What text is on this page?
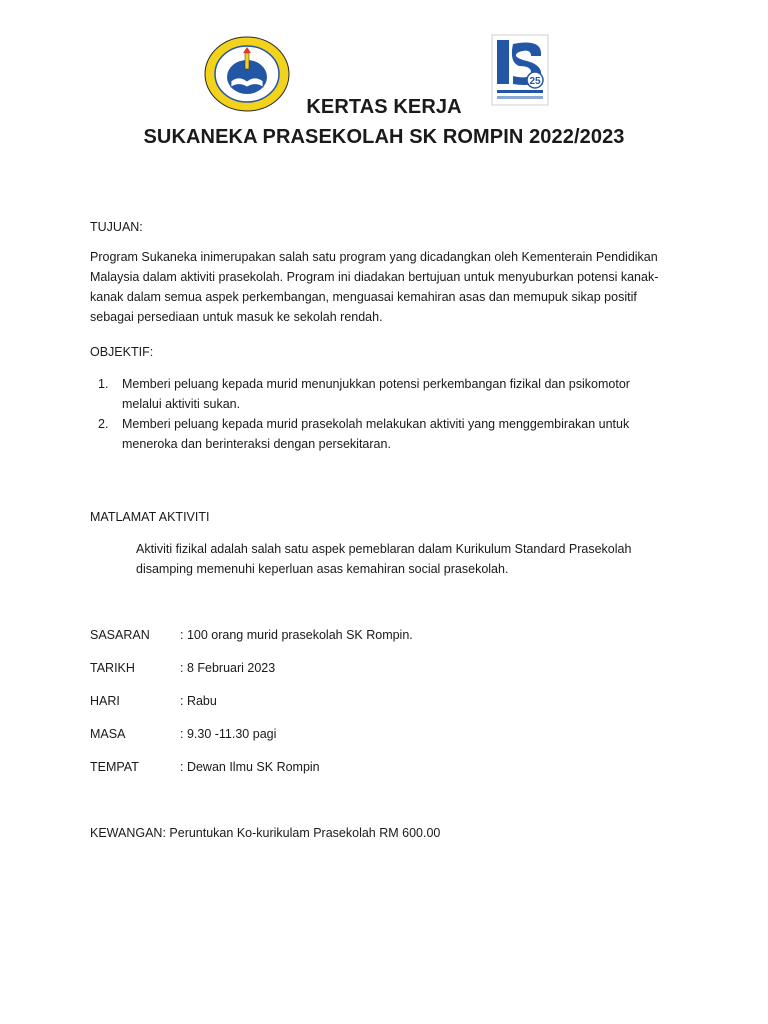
25
KERTAS KERJA
SUKANEKA PRASEKOLAH SK ROMPIN 2022/2023
TUJUAN:
Program Sukaneka inimerupakan salah satu program yang dicadangkan oleh Kementerain Pendidikan
Malaysia dalam aktiviti prasekolah. Program ini diadakan bertujuan untuk menyuburkan potensi kanak-
kanak dalam semua aspek perkembangan, menguasai kemahiran asas dan memupuk sikap positif
sebagai persediaan untuk masuk ke sekolah rendah.
OBJEKTIF:
1. Memberi peluang kepada murid menunjukkan potensi perkembangan fizikal dan psikomotor
melalui aktiviti sukan.
2. Memberi peluang kepada murid prasekolah melakukan aktiviti yang menggembirakan untuk
meneroka dan berinteraksi dengan persekitaran.
MATLAMAT AKTIVITI
Aktiviti fizikal adalah salah satu aspek pemeblaran dalam Kurikulum Standard Prasekolah
disamping memenuhi keperluan asas kemahiran social prasekolah.
SASARAN : 100 orang murid prasekolah SK Rompin.
TARIKH	: 8 Februari 2023
HARI	: Rabu
MASA	: 9.30 -11.30 pagi
TEMPAT	: Dewan Ilmu SK Rompin
KEWANGAN: Peruntukan Ko-kurikulam Prasekolah RM 600.00
